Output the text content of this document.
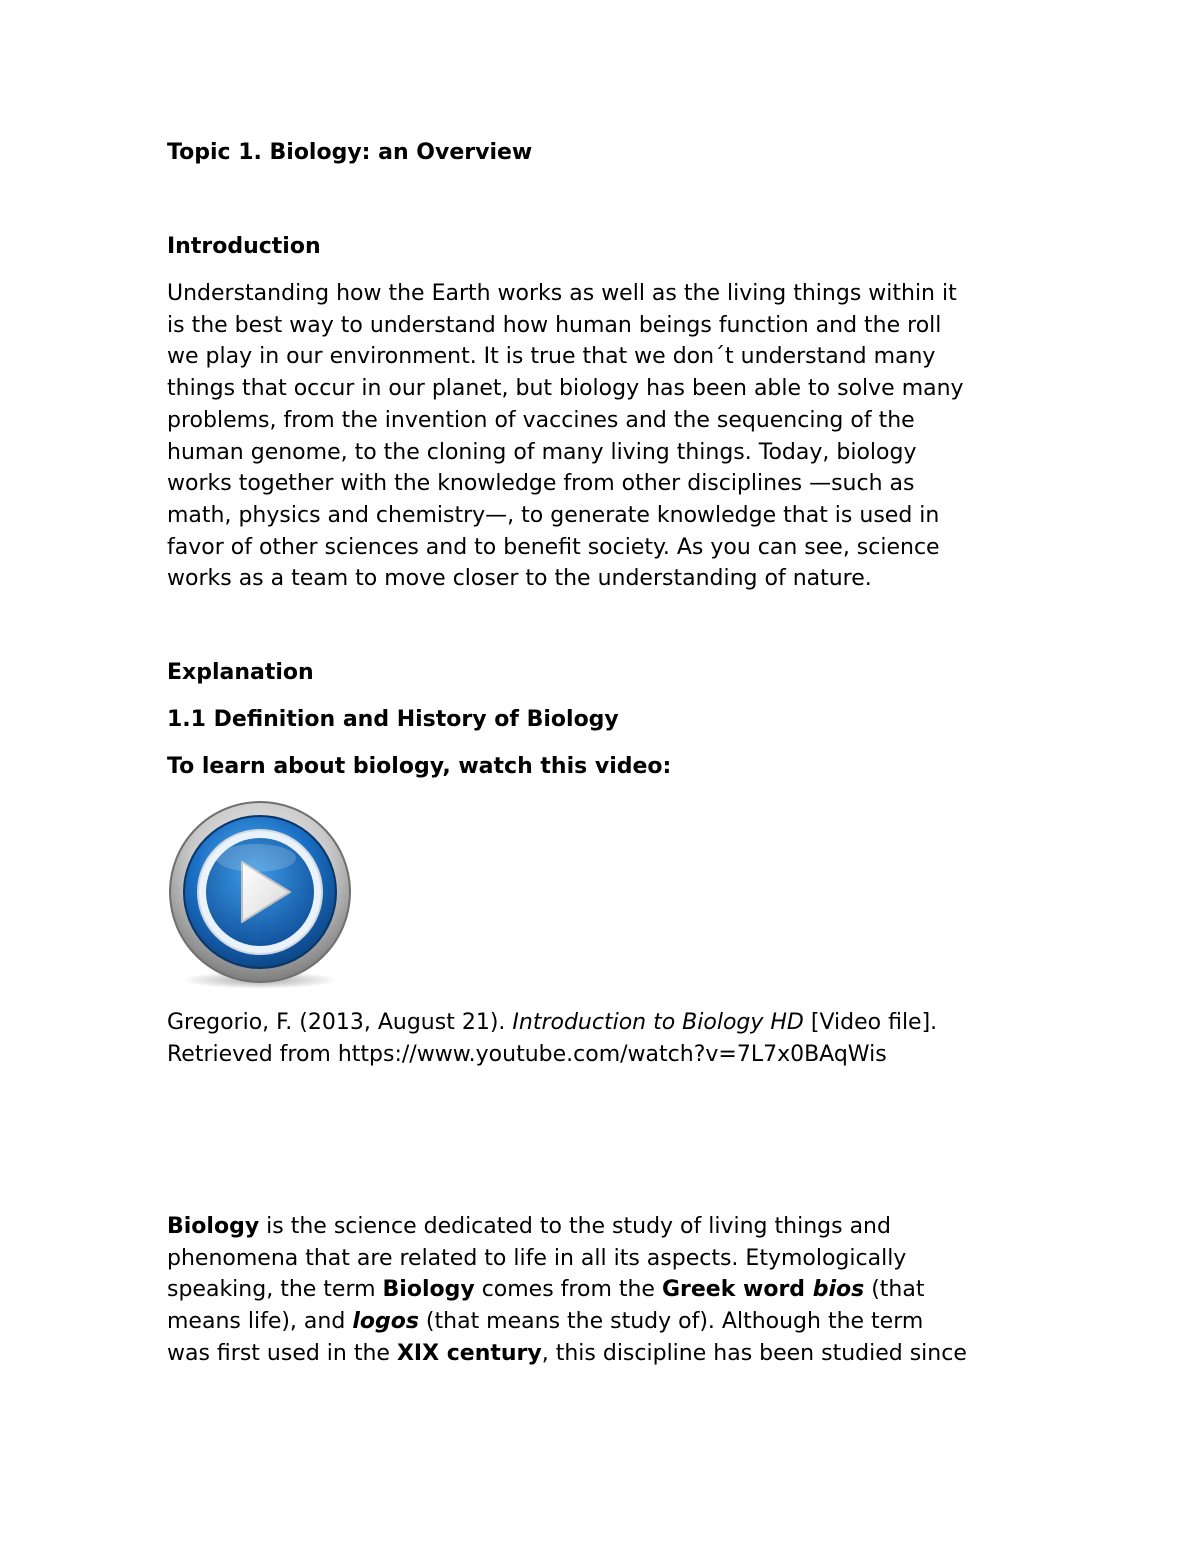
Topic 1. Biology: an Overview
Introduction

Understanding how the Earth works as well as the living things within it
is the best way to understand how human beings function and the roll
we play in our environment. It is true that we don´t understand many
things that occur in our planet, but biology has been able to solve many
problems, from the invention of vaccines and the sequencing of the
human genome, to the cloning of many living things. Today, biology
works together with the knowledge from other disciplines —such as
math, physics and chemistry—, to generate knowledge that is used in
favor of other sciences and to benefit society. As you can see, science
works as a team to move closer to the understanding of nature.

Explanation
1.1 Definition and History of Biology

To learn about biology, watch this video:

Gregorio, F. (2013, August 21). Introduction to Biology HD [Video file].

Retrieved from https://www.youtube.com/watch?v=7L7x0BAqWis

Biology is the science dedicated to the study of living things and
phenomena that are related to life in all its aspects. Etymologically
speaking, the term Biology comes from the Greek word bios (that
means life), and logos (that means the study of). Although the term
was first used in the XIX century, this discipline has been studied since
